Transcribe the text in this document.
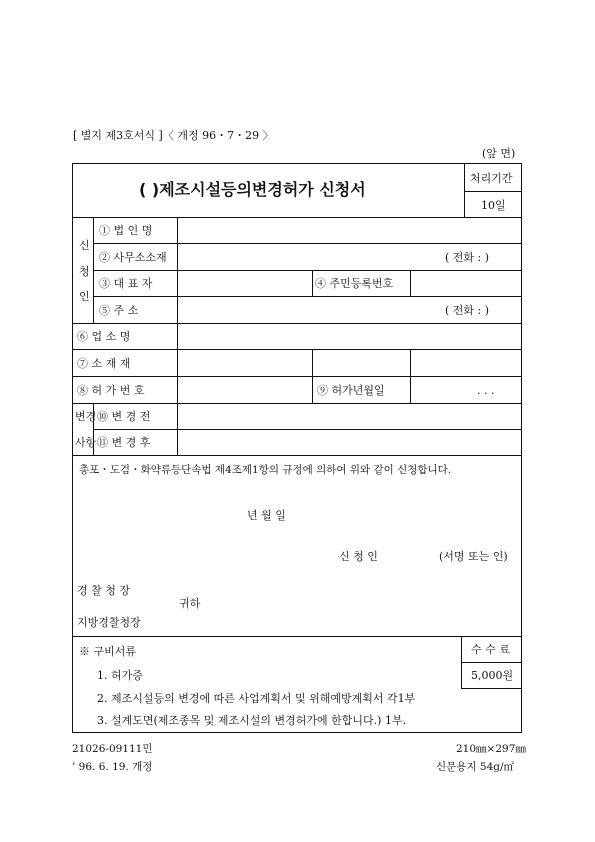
[ 별지 제3호서식 ]〈 개정 96・7・29 〉
(앞 면)
( )제조시설등의변경허가 신청서
처리기간
10일
신
청
인
① 법 인 명
② 사무소소재	( 전화 : )
③ 대 표 자	④ 주민등록번호
⑤ 주 소	( 전화 : )
⑥ 업 소 명
⑦ 소 재 재
⑧ 허 가 번 호	⑨ 허가년월일	. . .
변경
사항
⑩ 변 경 전
⑪ 변 경 후
총포・도검・화약류등단속법 제4조제1항의 규정에 의하여 위와 같이 신청합니다.
년 월 일
신 청 인	(서명 또는 인)
경 찰 청 장
귀하
지방경찰청장
※ 구비서류
1. 허가증
2. 제조시설등의 변경에 따른 사업계획서 및 위해예방계획서 각1부
3. 설계도면(제조종목 및 제조시설의 변경허가에 한합니다.) 1부.
수 수 료
5,000원
21026-09111민	210㎜×297㎜
’ 96. 6. 19. 개정	신문용지 54g/㎡
